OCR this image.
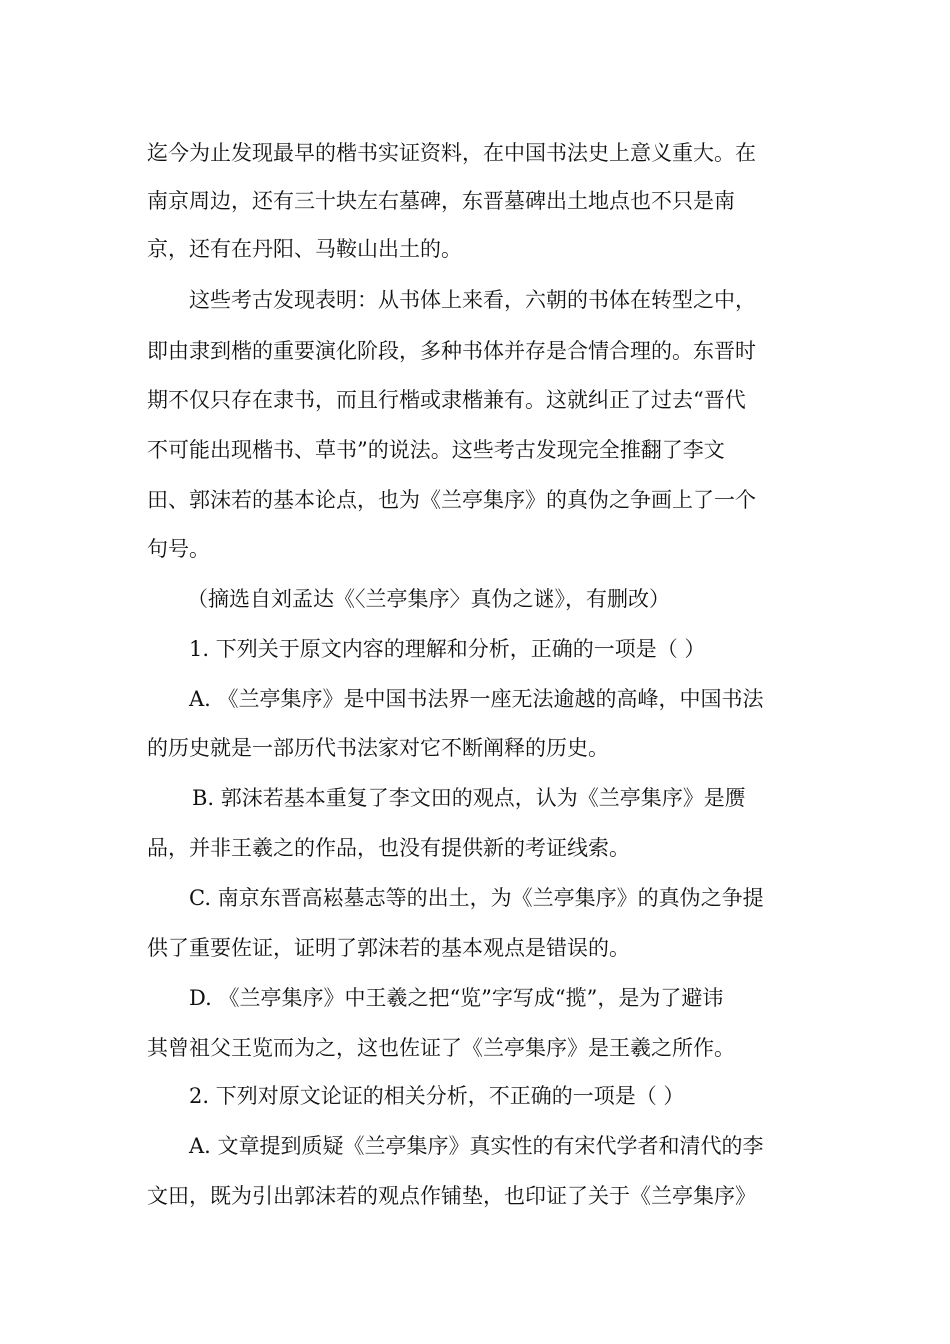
迄今为止发现最早的楷书实证资料，在中国书法史上意义重大。在
南京周边，还有三十块左右墓碑，东晋墓碑出土地点也不只是南
京，还有在丹阳、马鞍山出土的。
这些考古发现表明：从书体上来看，六朝的书体在转型之中，
即由隶到楷的重要演化阶段，多种书体并存是合情合理的。东晋时
期不仅只存在隶书，而且行楷或隶楷兼有。这就纠正了过去“晋代
不可能出现楷书、草书”的说法。这些考古发现完全推翻了李文
田、郭沫若的基本论点，也为《兰亭集序》的真伪之争画上了一个
句号。
（摘选自刘孟达《〈兰亭集序〉真伪之谜》，有删改）
1. 下列关于原文内容的理解和分析，正确的一项是（ ）
A. 《兰亭集序》是中国书法界一座无法逾越的高峰，中国书法
的历史就是一部历代书法家对它不断阐释的历史。
B. 郭沫若基本重复了李文田的观点，认为《兰亭集序》是赝
品，并非王羲之的作品，也没有提供新的考证线索。
C. 南京东晋高崧墓志等的出土，为《兰亭集序》的真伪之争提
供了重要佐证，证明了郭沫若的基本观点是错误的。
D. 《兰亭集序》中王羲之把“览”字写成“揽”，是为了避讳
其曾祖父王览而为之，这也佐证了《兰亭集序》是王羲之所作。
2. 下列对原文论证的相关分析，不正确的一项是（ ）
A. 文章提到质疑《兰亭集序》真实性的有宋代学者和清代的李
文田，既为引出郭沫若的观点作铺垫，也印证了关于《兰亭集序》
